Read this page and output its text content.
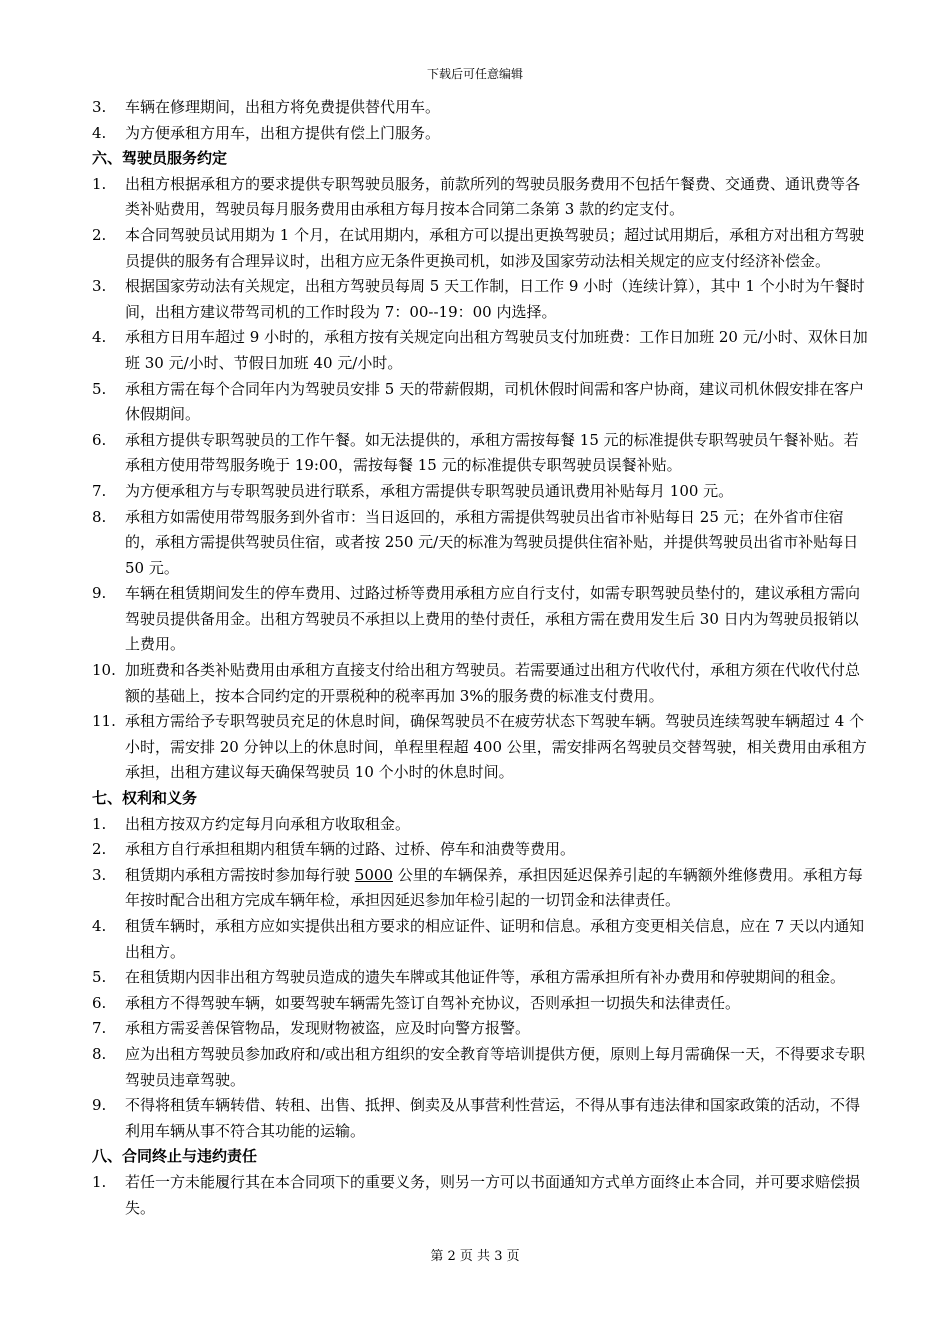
下载后可任意编辑
3.	车辆在修理期间，出租方将免费提供替代用车。
4.	为方便承租方用车，出租方提供有偿上门服务。
六、驾驶员服务约定
1.	出租方根据承租方的要求提供专职驾驶员服务，前款所列的驾驶员服务费用不包括午餐费、交通费、通讯费等各类补贴费用，驾驶员每月服务费用由承租方每月按本合同第二条第 3 款的约定支付。
2.	本合同驾驶员试用期为 1 个月，在试用期内，承租方可以提出更换驾驶员；超过试用期后，承租方对出租方驾驶员提供的服务有合理异议时，出租方应无条件更换司机，如涉及国家劳动法相关规定的应支付经济补偿金。
3.	根据国家劳动法有关规定，出租方驾驶员每周 5 天工作制，日工作 9 小时（连续计算），其中 1 个小时为午餐时间，出租方建议带驾司机的工作时段为 7：00--19：00 内选择。
4.	承租方日用车超过 9 小时的，承租方按有关规定向出租方驾驶员支付加班费：工作日加班 20 元/小时、双休日加班 30 元/小时、节假日加班 40 元/小时。
5.	承租方需在每个合同年内为驾驶员安排 5 天的带薪假期，司机休假时间需和客户协商，建议司机休假安排在客户休假期间。
6.	承租方提供专职驾驶员的工作午餐。如无法提供的，承租方需按每餐 15 元的标准提供专职驾驶员午餐补贴。若承租方使用带驾服务晚于 19:00，需按每餐 15 元的标准提供专职驾驶员误餐补贴。
7.	为方便承租方与专职驾驶员进行联系，承租方需提供专职驾驶员通讯费用补贴每月 100 元。
8.	承租方如需使用带驾服务到外省市：当日返回的，承租方需提供驾驶员出省市补贴每日 25 元；在外省市住宿的，承租方需提供驾驶员住宿，或者按 250 元/天的标准为驾驶员提供住宿补贴，并提供驾驶员出省市补贴每日 50 元。
9.	车辆在租赁期间发生的停车费用、过路过桥等费用承租方应自行支付，如需专职驾驶员垫付的，建议承租方需向驾驶员提供备用金。出租方驾驶员不承担以上费用的垫付责任，承租方需在费用发生后 30 日内为驾驶员报销以上费用。
10. 加班费和各类补贴费用由承租方直接支付给出租方驾驶员。若需要通过出租方代收代付，承租方须在代收代付总额的基础上，按本合同约定的开票税种的税率再加 3%的服务费的标准支付费用。
11. 承租方需给予专职驾驶员充足的休息时间，确保驾驶员不在疲劳状态下驾驶车辆。驾驶员连续驾驶车辆超过 4 个小时，需安排 20 分钟以上的休息时间，单程里程超 400 公里，需安排两名驾驶员交替驾驶，相关费用由承租方承担，出租方建议每天确保驾驶员 10 个小时的休息时间。
七、权利和义务
1.	出租方按双方约定每月向承租方收取租金。
2.	承租方自行承担租期内租赁车辆的过路、过桥、停车和油费等费用。
3.	租赁期内承租方需按时参加每行驶 5000 公里的车辆保养，承担因延迟保养引起的车辆额外维修费用。承租方每年按时配合出租方完成车辆年检，承担因延迟参加年检引起的一切罚金和法律责任。
4.	租赁车辆时，承租方应如实提供出租方要求的相应证件、证明和信息。承租方变更相关信息，应在 7 天以内通知出租方。
5.	在租赁期内因非出租方驾驶员造成的遗失车牌或其他证件等，承租方需承担所有补办费用和停驶期间的租金。
6.	承租方不得驾驶车辆，如要驾驶车辆需先签订自驾补充协议，否则承担一切损失和法律责任。
7.	承租方需妥善保管物品，发现财物被盗，应及时向警方报警。
8.	应为出租方驾驶员参加政府和/或出租方组织的安全教育等培训提供方便，原则上每月需确保一天，不得要求专职驾驶员违章驾驶。
9.	不得将租赁车辆转借、转租、出售、抵押、倒卖及从事营利性营运，不得从事有违法律和国家政策的活动，不得利用车辆从事不符合其功能的运输。
八、合同终止与违约责任
1.	若任一方未能履行其在本合同项下的重要义务，则另一方可以书面通知方式单方面终止本合同，并可要求赔偿损失。
第 2 页 共 3 页
